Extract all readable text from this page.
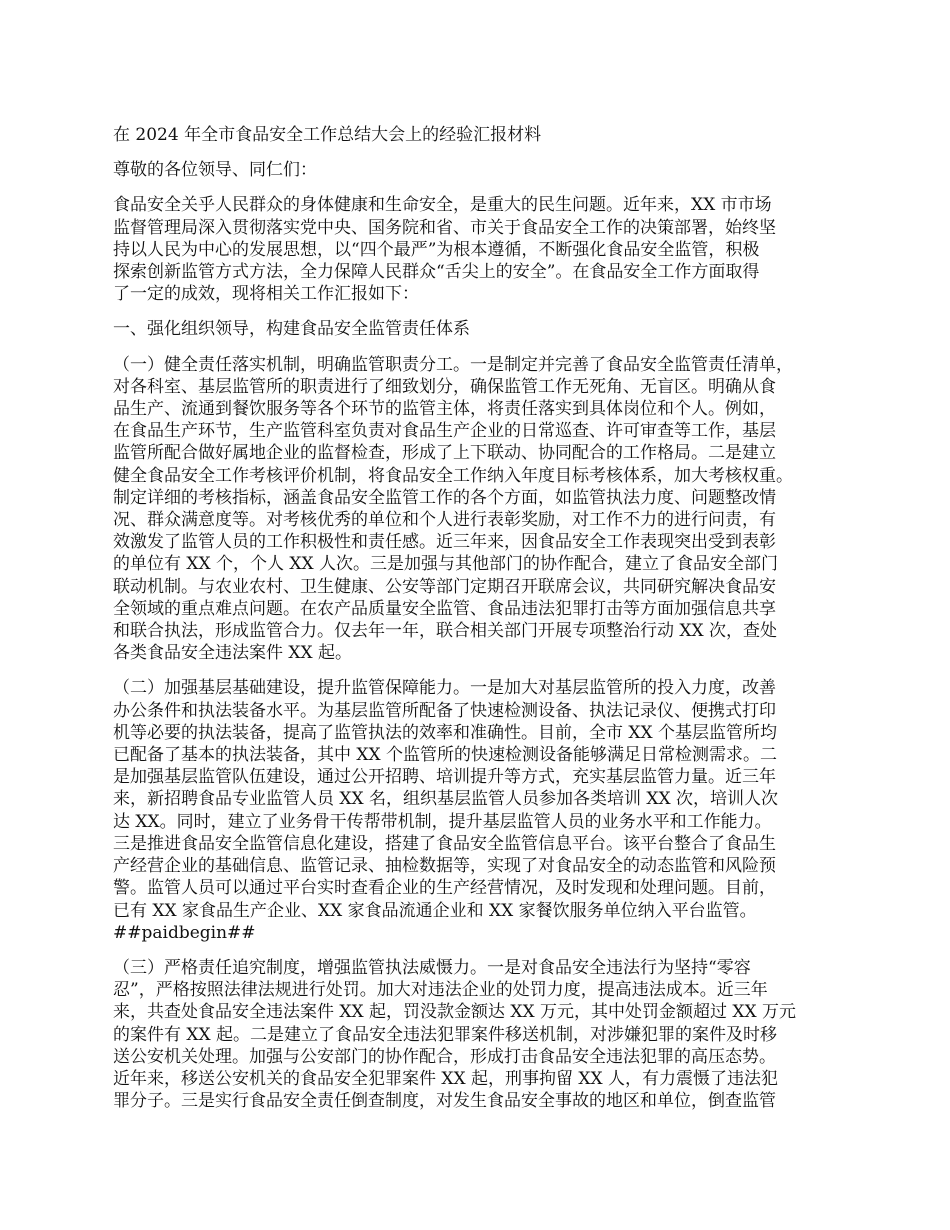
在 2024 年全市食品安全工作总结大会上的经验汇报材料

尊敬的各位领导、同仁们：

食品安全关乎人民群众的身体健康和生命安全，是重大的民生问题。近年来，XX 市市场
监督管理局深入贯彻落实党中央、国务院和省、市关于食品安全工作的决策部署，始终坚
持以人民为中心的发展思想，以“四个最严”为根本遵循，不断强化食品安全监管，积极
探索创新监管方式方法，全力保障人民群众“舌尖上的安全”。在食品安全工作方面取得
了一定的成效，现将相关工作汇报如下：

一、强化组织领导，构建食品安全监管责任体系

（一）健全责任落实机制，明确监管职责分工。一是制定并完善了食品安全监管责任清单，
对各科室、基层监管所的职责进行了细致划分，确保监管工作无死角、无盲区。明确从食
品生产、流通到餐饮服务等各个环节的监管主体，将责任落实到具体岗位和个人。例如，
在食品生产环节，生产监管科室负责对食品生产企业的日常巡查、许可审查等工作，基层
监管所配合做好属地企业的监督检查，形成了上下联动、协同配合的工作格局。二是建立
健全食品安全工作考核评价机制，将食品安全工作纳入年度目标考核体系，加大考核权重。
制定详细的考核指标，涵盖食品安全监管工作的各个方面，如监管执法力度、问题整改情
况、群众满意度等。对考核优秀的单位和个人进行表彰奖励，对工作不力的进行问责，有
效激发了监管人员的工作积极性和责任感。近三年来，因食品安全工作表现突出受到表彰
的单位有 XX 个，个人 XX 人次。三是加强与其他部门的协作配合，建立了食品安全部门
联动机制。与农业农村、卫生健康、公安等部门定期召开联席会议，共同研究解决食品安
全领域的重点难点问题。在农产品质量安全监管、食品违法犯罪打击等方面加强信息共享
和联合执法，形成监管合力。仅去年一年，联合相关部门开展专项整治行动 XX 次，查处
各类食品安全违法案件 XX 起。

（二）加强基层基础建设，提升监管保障能力。一是加大对基层监管所的投入力度，改善
办公条件和执法装备水平。为基层监管所配备了快速检测设备、执法记录仪、便携式打印
机等必要的执法装备，提高了监管执法的效率和准确性。目前，全市 XX 个基层监管所均
已配备了基本的执法装备，其中 XX 个监管所的快速检测设备能够满足日常检测需求。二
是加强基层监管队伍建设，通过公开招聘、培训提升等方式，充实基层监管力量。近三年
来，新招聘食品专业监管人员 XX 名，组织基层监管人员参加各类培训 XX 次，培训人次
达 XX。同时，建立了业务骨干传帮带机制，提升基层监管人员的业务水平和工作能力。
三是推进食品安全监管信息化建设，搭建了食品安全监管信息平台。该平台整合了食品生
产经营企业的基础信息、监管记录、抽检数据等，实现了对食品安全的动态监管和风险预
警。监管人员可以通过平台实时查看企业的生产经营情况，及时发现和处理问题。目前，
已有 XX 家食品生产企业、XX 家食品流通企业和 XX 家餐饮服务单位纳入平台监管。
##paidbegin##

（三）严格责任追究制度，增强监管执法威慑力。一是对食品安全违法行为坚持“零容
忍”，严格按照法律法规进行处罚。加大对违法企业的处罚力度，提高违法成本。近三年
来，共查处食品安全违法案件 XX 起，罚没款金额达 XX 万元，其中处罚金额超过 XX 万元
的案件有 XX 起。二是建立了食品安全违法犯罪案件移送机制，对涉嫌犯罪的案件及时移
送公安机关处理。加强与公安部门的协作配合，形成打击食品安全违法犯罪的高压态势。
近年来，移送公安机关的食品安全犯罪案件 XX 起，刑事拘留 XX 人，有力震慑了违法犯
罪分子。三是实行食品安全责任倒查制度，对发生食品安全事故的地区和单位，倒查监管
